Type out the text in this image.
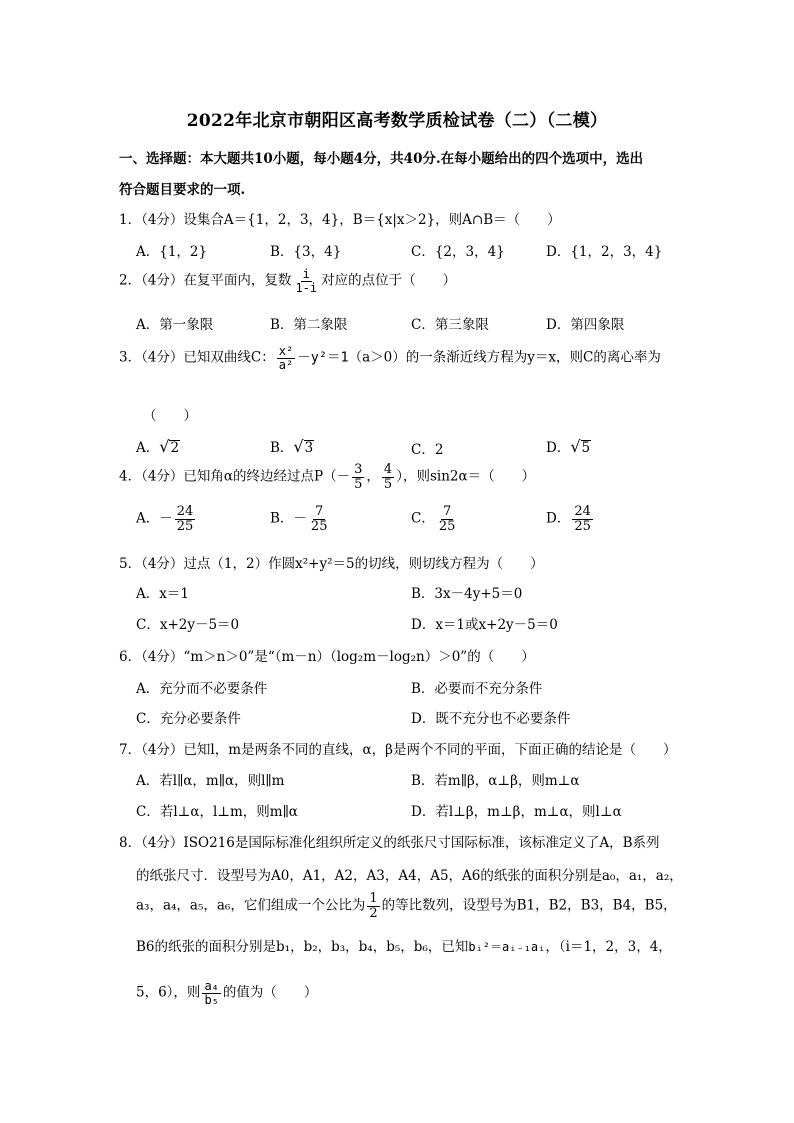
2022年北京市朝阳区高考数学质检试卷（二）（二模）
一、选择题：本大题共10小题，每小题4分，共40分.在每小题给出的四个选项中，选出
符合题目要求的一项.
1．（4分）设集合A＝{1，2，3，4}，B＝{x|x＞2}，则A∩B＝（　　）
A．{1，2}	B．{3，4}	C．{2，3，4}	D．{1，2，3，4}
2．（4分）在复平面内，复数 $\frac{i}{1-i}$ 对应的点位于（　　）
A．第一象限	B．第二象限	C．第三象限	D．第四象限
3．（4分）已知双曲线C： $\frac{\text{x²}}{\text{a²}} -y^2=1(a>0)$的一条渐近线方程为y＝x，则C的离心率为
（　　）
A． √ 2	B． √ 3	C．2	D． √ 5
4．（4分）已知角α的终边经过点$P(- \frac{3}{5}$ ， $\frac{4}{5}$ ），则sin2α＝（　　）
A．－ $\frac{24}{25}$	B．－ $\frac{7}{25}$	C． $\frac{7}{25}$	D． $\frac{24}{25}$
5．（4分）过点（1，2）作圆x²+y²＝5的切线，则切线方程为（　　）
A．x＝1	B．3x－4y+5＝0
C．x+2y－5＝0	D．x＝1或x+2y－5＝0
6．（4分）“m＞n＞0”是“（m－n）（log₂m－log₂n）＞0”的（　　）
A．充分而不必要条件	B．必要而不充分条件
C．充分必要条件	D．既不充分也不必要条件
7．（4分）已知l，m是两条不同的直线，α，β是两个不同的平面，下面正确的结论是（　　）
A．若l∥α，m∥α，则l∥m	B．若m∥β，α⊥β，则m⊥α
C．若l⊥α，l⊥m，则m∥α	D．若l⊥β，m⊥β，m⊥α，则l⊥α
8．（4分）ISO216是国际标准化组织所定义的纸张尺寸国际标准，该标准定义了A，B系列
的纸张尺寸．设型号为A0，A1，A2，A3，A4，A5，A6的纸张的面积分别是a₀，a₁，a₂，
a₃，a₄，a₅，a₆，它们组成一个公比为 $\frac{1}{2}$ 的等比数列，设型号为B1，B2，B3，B4，B5，
B6的纸张的面积分别是b₁，b₂，b₃，b₄，b₅，b₆，已知bᵢ²＝aᵢ₋₁aᵢ，（i＝1，2，3，4，
5，6），则 $\frac{\text{a₄}}{\text{b₅}}$ 的值为（　　）
